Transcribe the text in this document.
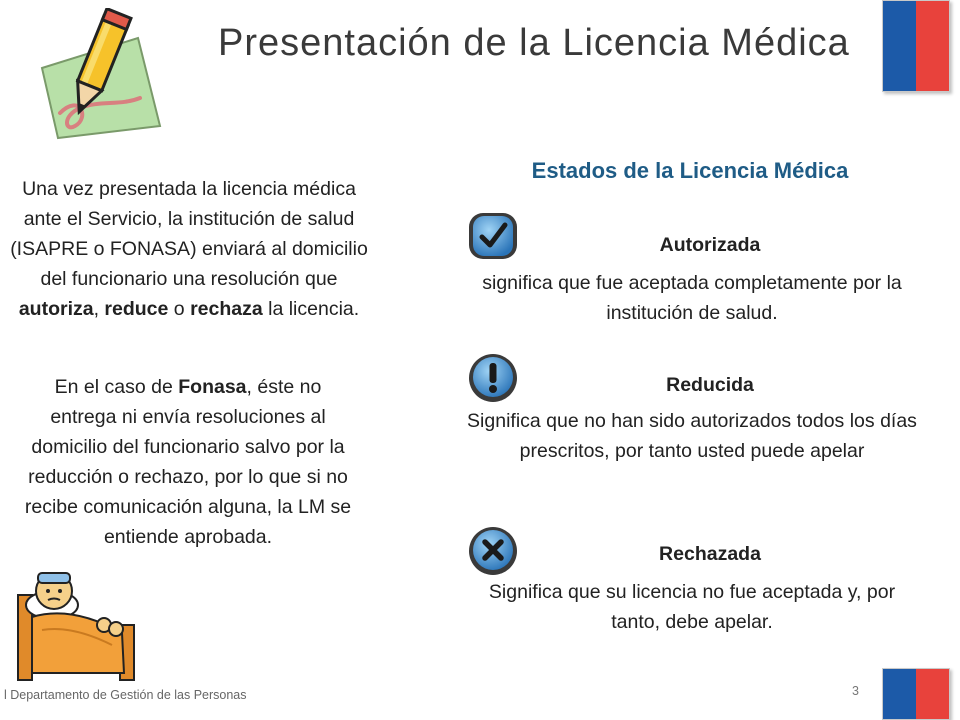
Presentación de la Licencia Médica
Una vez presentada la licencia médica ante el Servicio, la institución de salud (ISAPRE o FONASA) enviará al domicilio del funcionario una resolución que autoriza, reduce o rechaza la licencia.
En el caso de Fonasa, éste no entrega ni envía resoluciones al domicilio del funcionario salvo por la reducción o rechazo, por lo que si no recibe comunicación alguna, la LM se entiende aprobada.
Estados de la Licencia Médica
Autorizada
significa que fue aceptada completamente por la institución de salud.
Reducida
Significa que no han sido autorizados todos los días prescritos, por tanto usted puede apelar
Rechazada
Significa que su licencia no fue aceptada y, por tanto, debe apelar.
l Departamento de Gestión de las Personas	3
